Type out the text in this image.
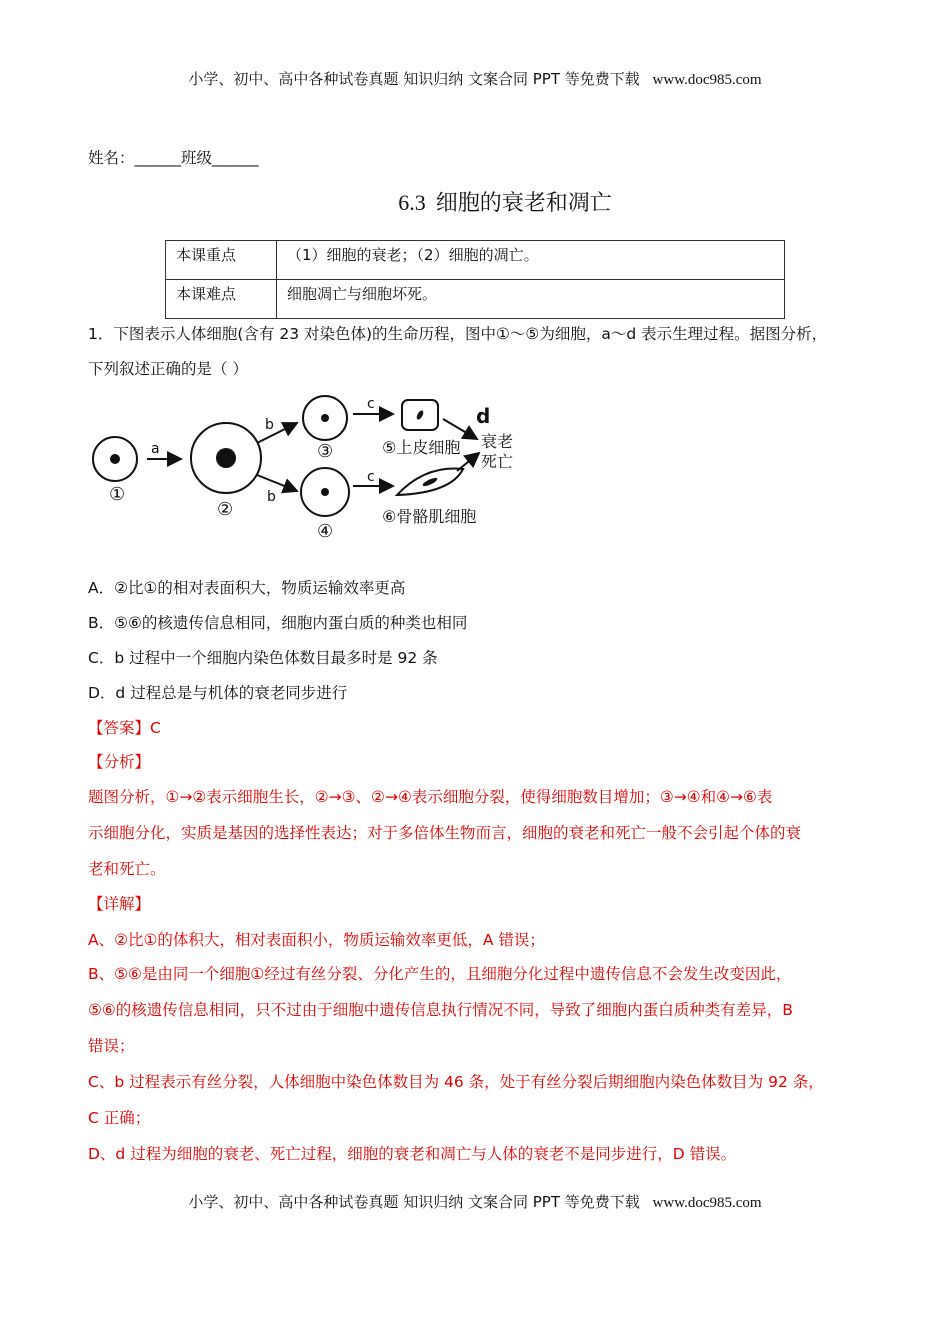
小学、初中、高中各种试卷真题 知识归纳 文案合同 PPT 等免费下载 www.doc985.com
姓名：______班级______
6.3 细胞的衰老和凋亡
本课重点	（1）细胞的衰老；（2）细胞的凋亡。
本课难点	细胞凋亡与细胞坏死。
1．下图表示人体细胞(含有 23 对染色体)的生命历程，图中①～⑤为细胞，a～d 表示生理过程。据图分析，
下列叙述正确的是（ ）
a
b
b
c
c
d
①
②
③
④
⑤上皮细胞
⑥骨骼肌细胞
衰老
死亡
A．②比①的相对表面积大，物质运输效率更高
B．⑤⑥的核遗传信息相同，细胞内蛋白质的种类也相同
C．b 过程中一个细胞内染色体数目最多时是 92 条
D．d 过程总是与机体的衰老同步进行
【答案】C
【分析】
题图分析，①→②表示细胞生长，②→③、②→④表示细胞分裂，使得细胞数目增加；③→④和④→⑥表
示细胞分化，实质是基因的选择性表达；对于多倍体生物而言，细胞的衰老和死亡一般不会引起个体的衰
老和死亡。
【详解】
A、②比①的体积大，相对表面积小，物质运输效率更低，A 错误；
B、⑤⑥是由同一个细胞①经过有丝分裂、分化产生的，且细胞分化过程中遗传信息不会发生改变因此，
⑤⑥的核遗传信息相同，只不过由于细胞中遗传信息执行情况不同，导致了细胞内蛋白质种类有差异，B
错误；
C、b 过程表示有丝分裂，人体细胞中染色体数目为 46 条，处于有丝分裂后期细胞内染色体数目为 92 条，
C 正确；
D、d 过程为细胞的衰老、死亡过程，细胞的衰老和凋亡与人体的衰老不是同步进行，D 错误。
小学、初中、高中各种试卷真题 知识归纳 文案合同 PPT 等免费下载 www.doc985.com
